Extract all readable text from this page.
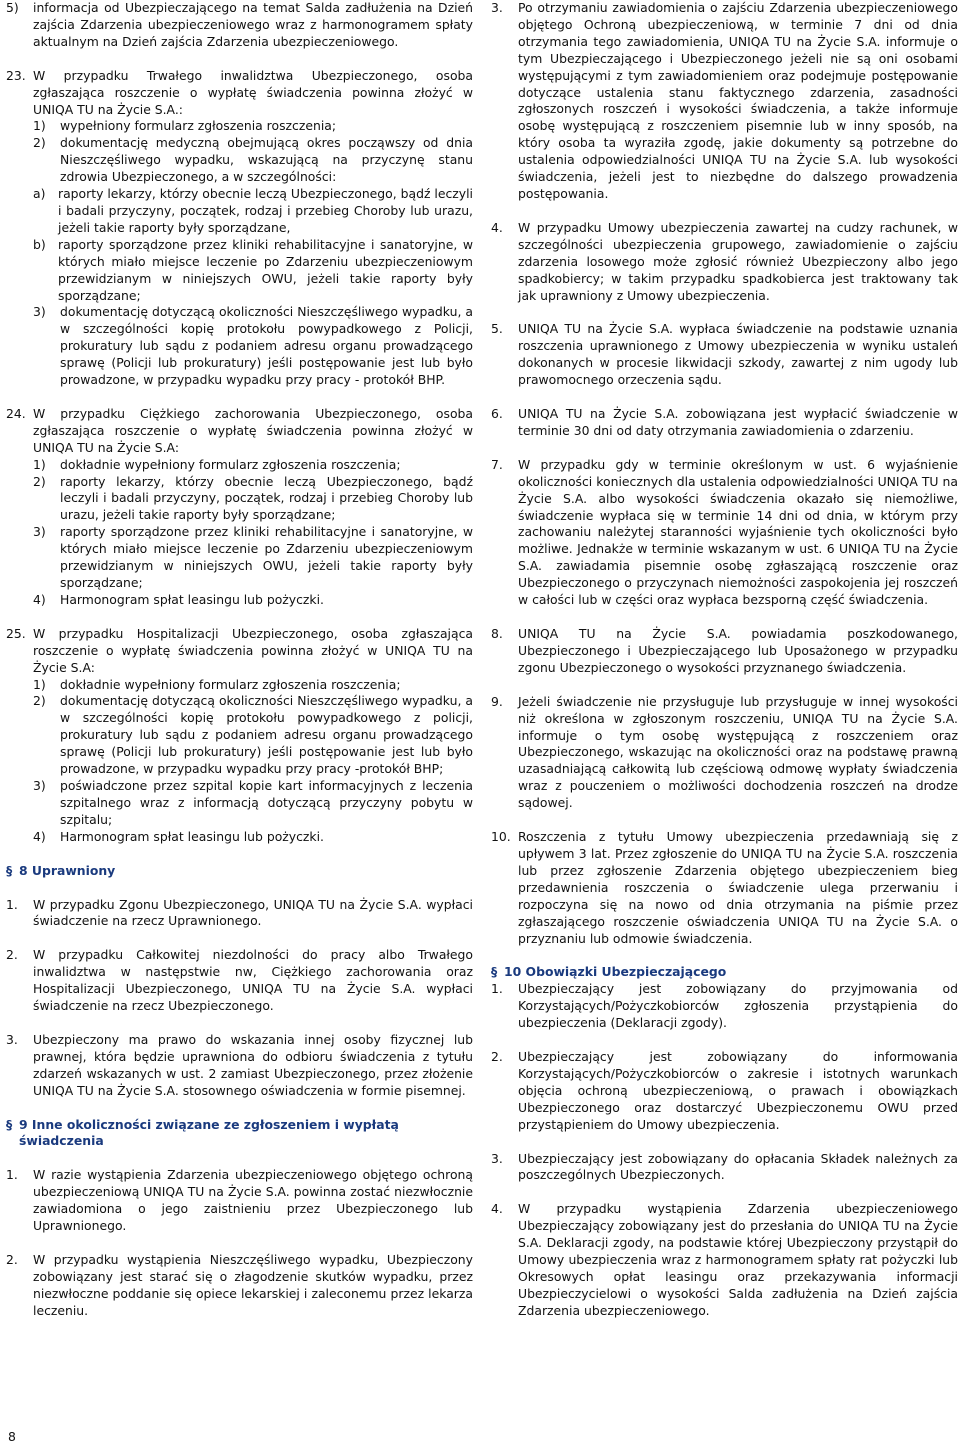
5)	informacja od Ubezpieczającego na temat Salda zadłużenia na Dzień zajścia Zdarzenia ubezpieczeniowego wraz z harmonogramem spłaty aktualnym na Dzień zajścia Zdarzenia ubezpieczeniowego.
23. W przypadku Trwałego inwalidztwa Ubezpieczonego, osoba zgłaszająca roszczenie o wypłatę świadczenia powinna złożyć w UNIQA TU na Życie S.A.:
1)	wypełniony formularz zgłoszenia roszczenia;
2)	dokumentację medyczną obejmującą okres począwszy od dnia Nieszczęśliwego wypadku, wskazującą na przyczynę stanu zdrowia Ubezpieczonego, a w szczególności:
a)	raporty lekarzy, którzy obecnie leczą Ubezpieczonego, bądź leczyli i badali przyczyny, początek, rodzaj i przebieg Choroby lub urazu, jeżeli takie raporty były sporządzane,
b) raporty sporządzone przez kliniki rehabilitacyjne i sanatoryjne, w których miało miejsce leczenie po Zdarzeniu ubezpieczeniowym przewidzianym w niniejszych OWU, jeżeli takie raporty były sporządzane;
3)	dokumentację dotyczącą okoliczności Nieszczęśliwego wypadku, a w szczególności kopię protokołu powypadkowego z Policji, prokuratury lub sądu z podaniem adresu organu prowadzącego sprawę (Policji lub prokuratury) jeśli postępowanie jest lub było prowadzone, w przypadku wypadku przy pracy - protokół BHP.
24. W przypadku Ciężkiego zachorowania Ubezpieczonego, osoba zgłaszająca roszczenie o wypłatę świadczenia powinna złożyć w UNIQA TU na Życie S.A:
1)	dokładnie wypełniony formularz zgłoszenia roszczenia;
2)	raporty lekarzy, którzy obecnie leczą Ubezpieczonego, bądź leczyli i badali przyczyny, początek, rodzaj i przebieg Choroby lub urazu, jeżeli takie raporty były sporządzane;
3)	raporty sporządzone przez kliniki rehabilitacyjne i sanatoryjne, w których miało miejsce leczenie po Zdarzeniu ubezpieczeniowym przewidzianym w niniejszych OWU, jeżeli takie raporty były sporządzane;
4)	Harmonogram spłat leasingu lub pożyczki.
25. W przypadku Hospitalizacji Ubezpieczonego, osoba zgłaszająca roszczenie o wypłatę świadczenia powinna złożyć w UNIQA TU na Życie S.A:
1)	dokładnie wypełniony formularz zgłoszenia roszczenia;
2)	dokumentację dotyczącą okoliczności Nieszczęśliwego wypadku, a w szczególności kopię protokołu powypadkowego z policji, prokuratury lub sądu z podaniem adresu organu prowadzącego sprawę (Policji lub prokuratury) jeśli postępowanie jest lub było prowadzone, w przypadku wypadku przy pracy -protokół BHP;
3)	poświadczone przez szpital kopie kart informacyjnych z leczenia szpitalnego wraz z informacją dotyczącą przyczyny pobytu w szpitalu;
4)	Harmonogram spłat leasingu lub pożyczki.
§ 8 Uprawniony
1.	W przypadku Zgonu Ubezpieczonego, UNIQA TU na Życie S.A. wypłaci świadczenie na rzecz Uprawnionego.
2.	W przypadku Całkowitej niezdolności do pracy albo Trwałego inwalidztwa w następstwie nw, Ciężkiego zachorowania oraz Hospitalizacji Ubezpieczonego, UNIQA TU na Życie S.A. wypłaci świadczenie na rzecz Ubezpieczonego.
3.	Ubezpieczony ma prawo do wskazania innej osoby fizycznej lub prawnej, która będzie uprawniona do odbioru świadczenia z tytułu zdarzeń wskazanych w ust. 2 zamiast Ubezpieczonego, przez złożenie UNIQA TU na Życie S.A. stosownego oświadczenia w formie pisemnej.
§ 9 Inne okoliczności związane ze zgłoszeniem i wypłatą świadczenia
1.	W razie wystąpienia Zdarzenia ubezpieczeniowego objętego ochroną ubezpieczeniową UNIQA TU na Życie S.A. powinna zostać niezwłocznie zawiadomiona o jego zaistnieniu przez Ubezpieczonego lub Uprawnionego.
2.	W przypadku wystąpienia Nieszczęśliwego wypadku, Ubezpieczony zobowiązany jest starać się o złagodzenie skutków wypadku, przez niezwłoczne poddanie się opiece lekarskiej i zaleconemu przez lekarza leczeniu.
3.	Po otrzymaniu zawiadomienia o zajściu Zdarzenia ubezpieczeniowego objętego Ochroną ubezpieczeniową, w terminie 7 dni od dnia otrzymania tego zawiadomienia, UNIQA TU na Życie S.A. informuje o tym Ubezpieczającego i Ubezpieczonego jeżeli nie są oni osobami występującymi z tym zawiadomieniem oraz podejmuje postępowanie dotyczące ustalenia stanu faktycznego zdarzenia, zasadności zgłoszonych roszczeń i wysokości świadczenia, a także informuje osobę występującą z roszczeniem pisemnie lub w inny sposób, na który osoba ta wyraziła zgodę, jakie dokumenty są potrzebne do ustalenia odpowiedzialności UNIQA TU na Życie S.A. lub wysokości świadczenia, jeżeli jest to niezbędne do dalszego prowadzenia postępowania.
4.	W przypadku Umowy ubezpieczenia zawartej na cudzy rachunek, w szczególności ubezpieczenia grupowego, zawiadomienie o zajściu zdarzenia losowego może zgłosić również Ubezpieczony albo jego spadkobiercy; w takim przypadku spadkobierca jest traktowany tak jak uprawniony z Umowy ubezpieczenia.
5.	UNIQA TU na Życie S.A. wypłaca świadczenie na podstawie uznania roszczenia uprawnionego z Umowy ubezpieczenia w wyniku ustaleń dokonanych w procesie likwidacji szkody, zawartej z nim ugody lub prawomocnego orzeczenia sądu.
6.	UNIQA TU na Życie S.A. zobowiązana jest wypłacić świadczenie w terminie 30 dni od daty otrzymania zawiadomienia o zdarzeniu.
7.	W przypadku gdy w terminie określonym w ust. 6 wyjaśnienie okoliczności koniecznych dla ustalenia odpowiedzialności UNIQA TU na Życie S.A. albo wysokości świadczenia okazało się niemożliwe, świadczenie wypłaca się w terminie 14 dni od dnia, w którym przy zachowaniu należytej staranności wyjaśnienie tych okoliczności było możliwe. Jednakże w terminie wskazanym w ust. 6 UNIQA TU na Życie S.A. zawiadamia pisemnie osobę zgłaszającą roszczenie oraz Ubezpieczonego o przyczynach niemożności zaspokojenia jej roszczeń w całości lub w części oraz wypłaca bezsporną część świadczenia.
8.	UNIQA TU na Życie S.A. powiadamia poszkodowanego, Ubezpieczonego i Ubezpieczającego lub Uposażonego w przypadku zgonu Ubezpieczonego o wysokości przyznanego świadczenia.
9.	Jeżeli świadczenie nie przysługuje lub przysługuje w innej wysokości niż określona w zgłoszonym roszczeniu, UNIQA TU na Życie S.A. informuje o tym osobę występującą z roszczeniem oraz Ubezpieczonego, wskazując na okoliczności oraz na podstawę prawną uzasadniającą całkowitą lub częściową odmowę wypłaty świadczenia wraz z pouczeniem o możliwości dochodzenia roszczeń na drodze sądowej.
10. Roszczenia z tytułu Umowy ubezpieczenia przedawniają się z upływem 3 lat. Przez zgłoszenie do UNIQA TU na Życie S.A. roszczenia lub przez zgłoszenie Zdarzenia objętego ubezpieczeniem bieg przedawnienia roszczenia o świadczenie ulega przerwaniu i rozpoczyna się na nowo od dnia otrzymania na piśmie przez zgłaszającego roszczenie oświadczenia UNIQA TU na Życie S.A. o przyznaniu lub odmowie świadczenia.
§ 10 Obowiązki Ubezpieczającego
1.	Ubezpieczający jest zobowiązany do przyjmowania od Korzystających/Pożyczkobiorców zgłoszenia przystąpienia do ubezpieczenia (Deklaracji zgody).
2.	Ubezpieczający jest zobowiązany do informowania Korzystających/Pożyczkobiorców o zakresie i istotnych warunkach objęcia ochroną ubezpieczeniową, o prawach i obowiązkach Ubezpieczonego oraz dostarczyć Ubezpieczonemu OWU przed przystąpieniem do Umowy ubezpieczenia.
3.	Ubezpieczający jest zobowiązany do opłacania Składek należnych za poszczególnych Ubezpieczonych.
4.	W przypadku wystąpienia Zdarzenia ubezpieczeniowego Ubezpieczający zobowiązany jest do przesłania do UNIQA TU na Życie S.A. Deklaracji zgody, na podstawie której Ubezpieczony przystąpił do Umowy ubezpieczenia wraz z harmonogramem spłaty rat pożyczki lub Okresowych opłat leasingu oraz przekazywania informacji Ubezpieczycielowi o wysokości Salda zadłużenia na Dzień zajścia Zdarzenia ubezpieczeniowego.
8
